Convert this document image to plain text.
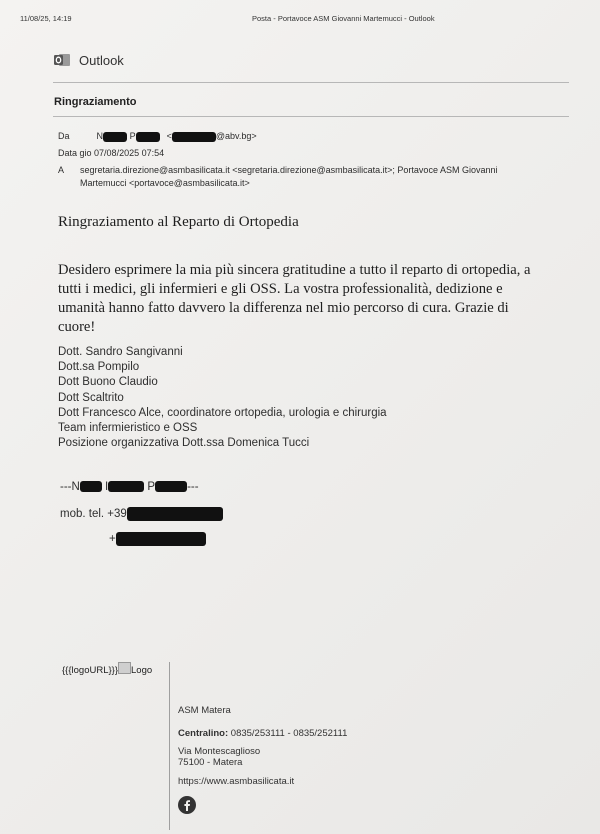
11/08/25, 14:19	Posta - Portavoce ASM Giovanni Martemucci - Outlook
Outlook
Ringraziamento
Da	N	P	<	@abv.bg>
Data gio 07/08/2025 07:54
A segretaria.direzione@asmbasilicata.it <segretaria.direzione@asmbasilicata.it>; Portavoce ASM Giovanni
Martemucci <portavoce@asmbasilicata.it>
Ringraziamento al Reparto di Ortopedia
Desidero esprimere la mia più sincera gratitudine a tutto il reparto di ortopedia, a
tutti i medici, gli infermieri e gli OSS. La vostra professionalità, dedizione e
umanità hanno fatto davvero la differenza nel mio percorso di cura. Grazie di
cuore!
Dott. Sandro Sangivanni
Dott.sa Pompilo
Dott Buono Claudio
Dott Scaltrito
Dott Francesco Alce, coordinatore ortopedia, urologia e chirurgia
Team infermieristico e OSS
Posizione organizzativa Dott.ssa Domenica Tucci
---N I	P	---
mob. tel. +39
+
{{{logoURL}}} Logo
ASM Matera
Centralino: 0835/253111 - 0835/252111
Via Montescaglioso
75100 - Matera
https://www.asmbasilicata.it
